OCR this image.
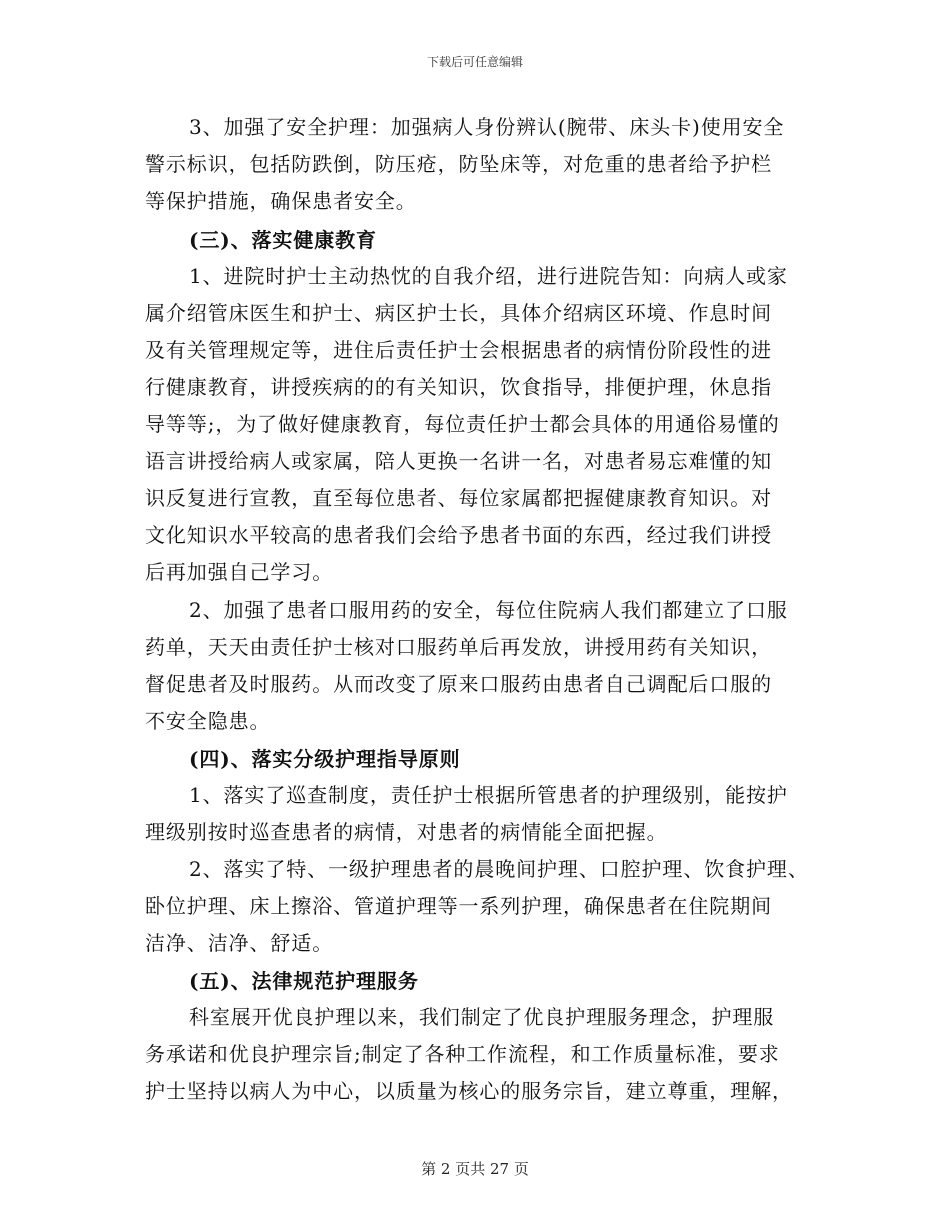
下载后可任意编辑
3、加强了安全护理：加强病人身份辨认(腕带、床头卡)使用安全
警示标识，包括防跌倒，防压疮，防坠床等，对危重的患者给予护栏
等保护措施，确保患者安全。
(三)、落实健康教育
1、进院时护士主动热忱的自我介绍，进行进院告知：向病人或家
属介绍管床医生和护士、病区护士长，具体介绍病区环境、作息时间
及有关管理规定等，进住后责任护士会根据患者的病情份阶段性的进
行健康教育，讲授疾病的的有关知识，饮食指导，排便护理，休息指
导等等;，为了做好健康教育，每位责任护士都会具体的用通俗易懂的
语言讲授给病人或家属，陪人更换一名讲一名，对患者易忘难懂的知
识反复进行宣教，直至每位患者、每位家属都把握健康教育知识。对
文化知识水平较高的患者我们会给予患者书面的东西，经过我们讲授
后再加强自己学习。
2、加强了患者口服用药的安全，每位住院病人我们都建立了口服
药单，天天由责任护士核对口服药单后再发放，讲授用药有关知识，
督促患者及时服药。从而改变了原来口服药由患者自己调配后口服的
不安全隐患。
(四)、落实分级护理指导原则
1、落实了巡查制度，责任护士根据所管患者的护理级别，能按护
理级别按时巡查患者的病情，对患者的病情能全面把握。
2、落实了特、一级护理患者的晨晚间护理、口腔护理、饮食护理、
卧位护理、床上擦浴、管道护理等一系列护理，确保患者在住院期间
洁净、洁净、舒适。
(五)、法律规范护理服务
科室展开优良护理以来，我们制定了优良护理服务理念，护理服
务承诺和优良护理宗旨;制定了各种工作流程，和工作质量标准，要求
护士坚持以病人为中心，以质量为核心的服务宗旨，建立尊重，理解，
第 2 页共 27 页
